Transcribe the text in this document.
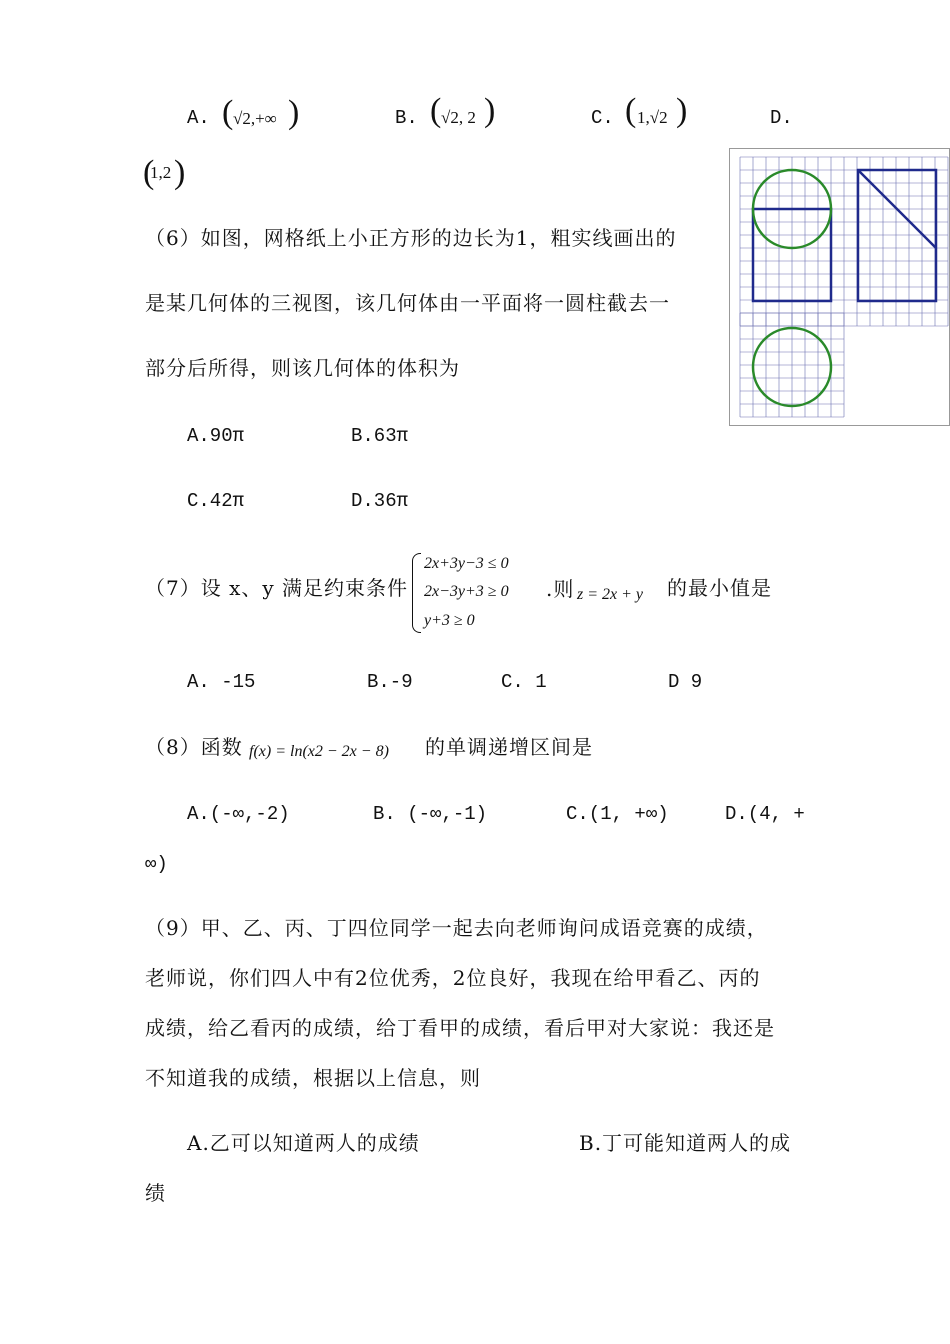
A. ( √2,+∞ )	B. ( √2, 2 )	C. ( 1,√2 )	D.
(
1,2 )
（6）如图，网格纸上小正方形的边长为1，粗实线画出的
是某几何体的三视图，该几何体由一平面将一圆柱截去一
部分后所得，则该几何体的体积为
A.90π	B.63π
C.42π	D.36π
（7）设 x、y 满足约束条件
2x+3y−3 ≤ 0
2x−3y+3 ≥ 0
y+3 ≥ 0
.则 z = 2x + y 的最小值是
A. -15	B.-9	C. 1	D 9
（8）函数 f(x) = ln(x2 − 2x − 8) 的单调递增区间是
A.(-∞,-2)	B. (-∞,-1)	C.(1, +∞)	D.(4, +
∞)
（9）甲、乙、丙、丁四位同学一起去向老师询问成语竞赛的成绩，
老师说，你们四人中有2位优秀，2位良好，我现在给甲看乙、丙的
成绩，给乙看丙的成绩，给丁看甲的成绩，看后甲对大家说：我还是
不知道我的成绩，根据以上信息，则
A.乙可以知道两人的成绩	B.丁可能知道两人的成
绩
